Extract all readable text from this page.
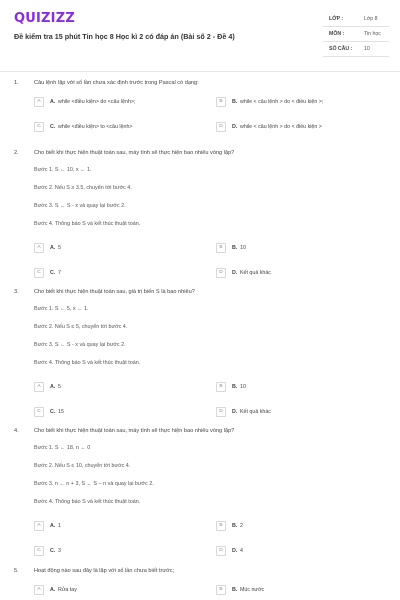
QUIZIZZ
Đề kiểm tra 15 phút Tin học 8 Học kì 2 có đáp án (Bài số 2 - Đề 4)
LỚP :	Lớp 8
MÔN :	Tin học
SỐ CÂU : 10
1.	Câu lệnh lặp với số lần chưa xác định trước trong Pascal có dạng:
A	A. while <điều kiện> do <câu lệnh>;	B	B. while < câu lệnh > do < điều kiện >;
C	C. while <điều kiện> to <câu lệnh>	D	D. while < câu lệnh > do < điều kiện >
2.	Cho biết khi thực hiện thuật toán sau, máy tính sẽ thực hiện bao nhiêu vòng lặp?
Bước 1. S ← 10, x ← 1.
Bước 2. Nếu S ≥ 3.5, chuyển tới bước 4.
Bước 3. S ← S - x và quay lại bước 2.
Bước 4. Thông báo S và kết thúc thuật toán.
A	A. 5	B	B. 10
C	C. 7	D	D. Kết quả khác
3.	Cho biết khi thực hiện thuật toán sau, giá trị biến S là bao nhiêu?
Bước 1. S ← 5, x ← 1.
Bước 2. Nếu S ≤ 5, chuyển tới bước 4.
Bước 3. S ← S - x và quay lại bước 2.
Bước 4. Thông báo S và kết thúc thuật toán.
A	A. 5	B	B. 10
C	C. 15	D	D. Kết quả khác
4.	Cho biết khi thực hiện thuật toán sau, máy tính sẽ thực hiện bao nhiêu vòng lặp?
Bước 1. S ← 18, n ← 0
Bước 2. Nếu S ≤ 10, chuyển tới bước 4.
Bước 3. n ← n + 3, S ← S − n và quay lại bước 2.
Bước 4. Thông báo S và kết thúc thuật toán.
A	A. 1	B	B. 2
C	C. 3	D	D. 4
5.	Hoạt động nào sau đây là lặp với số lần chưa biết trước;
A	A. Rửa tay	B	B. Múc nước
